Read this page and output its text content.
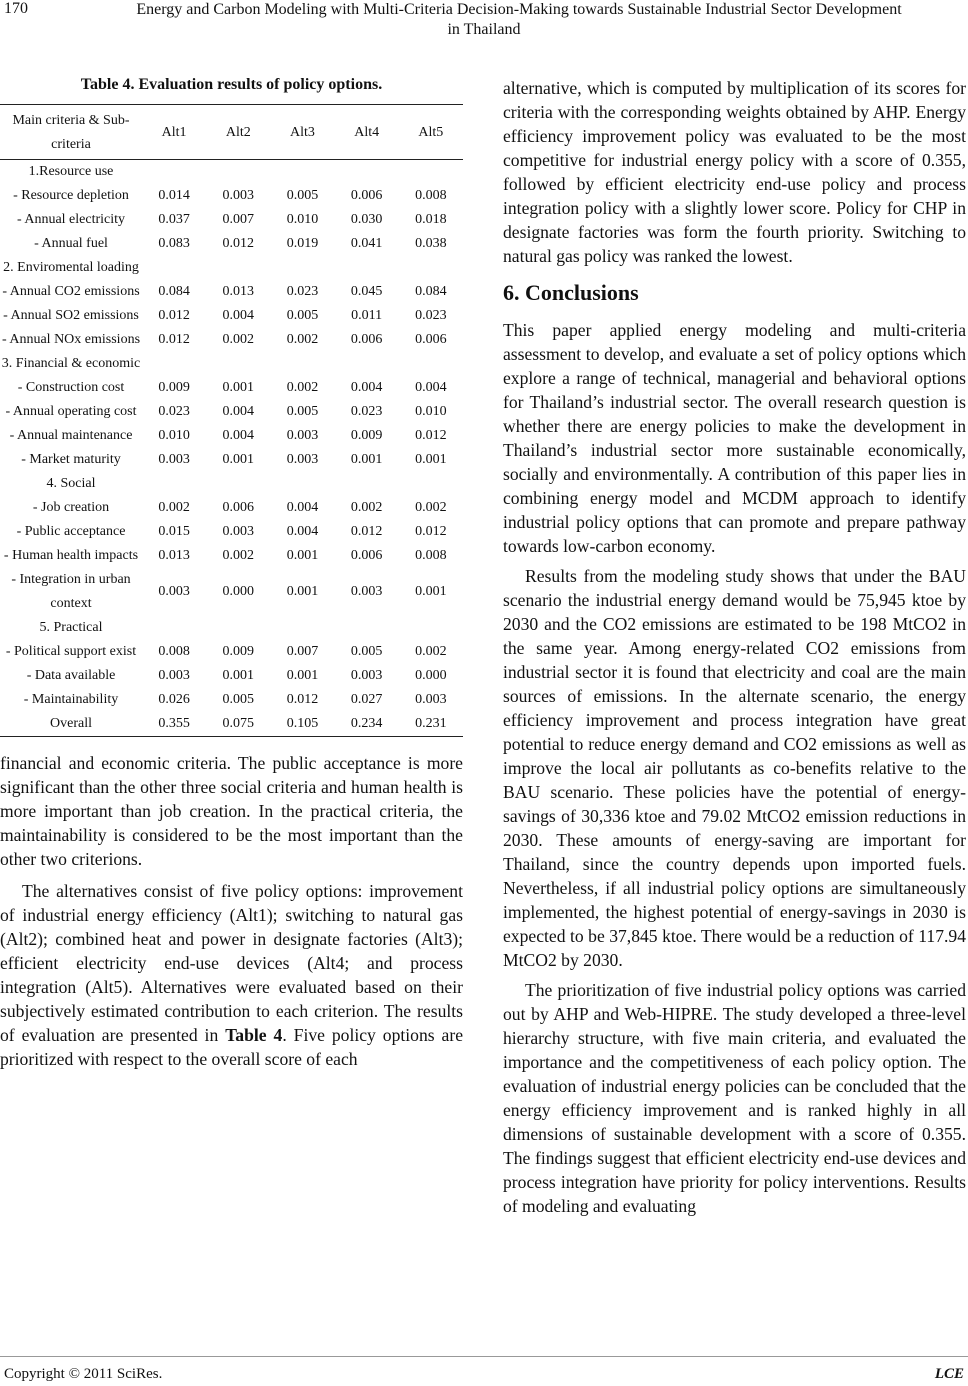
170	Energy and Carbon Modeling with Multi-Criteria Decision-Making towards Sustainable Industrial Sector Development
in Thailand
Table 4. Evaluation results of policy options.
Main criteria & Sub-criteria	Alt1	Alt2	Alt3	Alt4	Alt5
1.Resource use					
- Resource depletion	0.014	0.003	0.005	0.006	0.008
- Annual electricity	0.037	0.007	0.010	0.030	0.018
- Annual fuel	0.083	0.012	0.019	0.041	0.038
2. Enviromental loading					
- Annual CO2 emissions	0.084	0.013	0.023	0.045	0.084
- Annual SO2 emissions	0.012	0.004	0.005	0.011	0.023
- Annual NOx emissions	0.012	0.002	0.002	0.006	0.006
3. Financial & economic					
- Construction cost	0.009	0.001	0.002	0.004	0.004
- Annual operating cost	0.023	0.004	0.005	0.023	0.010
- Annual maintenance	0.010	0.004	0.003	0.009	0.012
- Market maturity	0.003	0.001	0.003	0.001	0.001
4. Social					
- Job creation	0.002	0.006	0.004	0.002	0.002
- Public acceptance	0.015	0.003	0.004	0.012	0.012
- Human health impacts	0.013	0.002	0.001	0.006	0.008
- Integration in urban context	0.003	0.000	0.001	0.003	0.001
5. Practical					
- Political support exist	0.008	0.009	0.007	0.005	0.002
- Data available	0.003	0.001	0.001	0.003	0.000
- Maintainability	0.026	0.005	0.012	0.027	0.003
Overall	0.355	0.075	0.105	0.234	0.231

financial and economic criteria. The public acceptance is more significant than the other three social criteria and human health is more important than job creation. In the practical criteria, the maintainability is considered to be the most important than the other two criterions.

The alternatives consist of five policy options: improvement of industrial energy efficiency (Alt1); switching to natural gas (Alt2); combined heat and power in designate factories (Alt3); efficient electricity end-use devices (Alt4; and process integration (Alt5). Alternatives were evaluated based on their subjectively estimated contribution to each criterion. The results of evaluation are presented in Table 4. Five policy options are prioritized with respect to the overall score of each

alternative, which is computed by multiplication of its scores for criteria with the corresponding weights obtained by AHP. Energy efficiency improvement policy was evaluated to be the most competitive for industrial energy policy with a score of 0.355, followed by efficient electricity end-use policy and process integration policy with a slightly lower score. Policy for CHP in designate factories was form the fourth priority. Switching to natural gas policy was ranked the lowest.

6. Conclusions

This paper applied energy modeling and multi-criteria assessment to develop, and evaluate a set of policy options which explore a range of technical, managerial and behavioral options for Thailand’s industrial sector. The overall research question is whether there are energy policies to make the development in Thailand’s industrial sector more sustainable economically, socially and environmentally. A contribution of this paper lies in combining energy model and MCDM approach to identify industrial policy options that can promote and prepare pathway towards low-carbon economy.

Results from the modeling study shows that under the BAU scenario the industrial energy demand would be 75,945 ktoe by 2030 and the CO2 emissions are estimated to be 198 MtCO2 in the same year. Among energy-related CO2 emissions from industrial sector it is found that electricity and coal are the main sources of emissions. In the alternate scenario, the energy efficiency improvement and process integration have great potential to reduce energy demand and CO2 emissions as well as improve the local air pollutants as co-benefits relative to the BAU scenario. These policies have the potential of energy-savings of 30,336 ktoe and 79.02 MtCO2 emission reductions in 2030. These amounts of energy-saving are important for Thailand, since the country depends upon imported fuels. Nevertheless, if all industrial policy options are simultaneously implemented, the highest potential of energy-savings in 2030 is expected to be 37,845 ktoe. There would be a reduction of 117.94 MtCO2 by 2030.

The prioritization of five industrial policy options was carried out by AHP and Web-HIPRE. The study developed a three-level hierarchy structure, with five main criteria, and evaluated the importance and the competitiveness of each policy option. The evaluation of industrial energy policies can be concluded that the energy efficiency improvement and is ranked highly in all dimensions of sustainable development with a score of 0.355. The findings suggest that efficient electricity end-use devices and process integration have priority for policy interventions. Results of modeling and evaluating

Copyright © 2011 SciRes.	LCE
